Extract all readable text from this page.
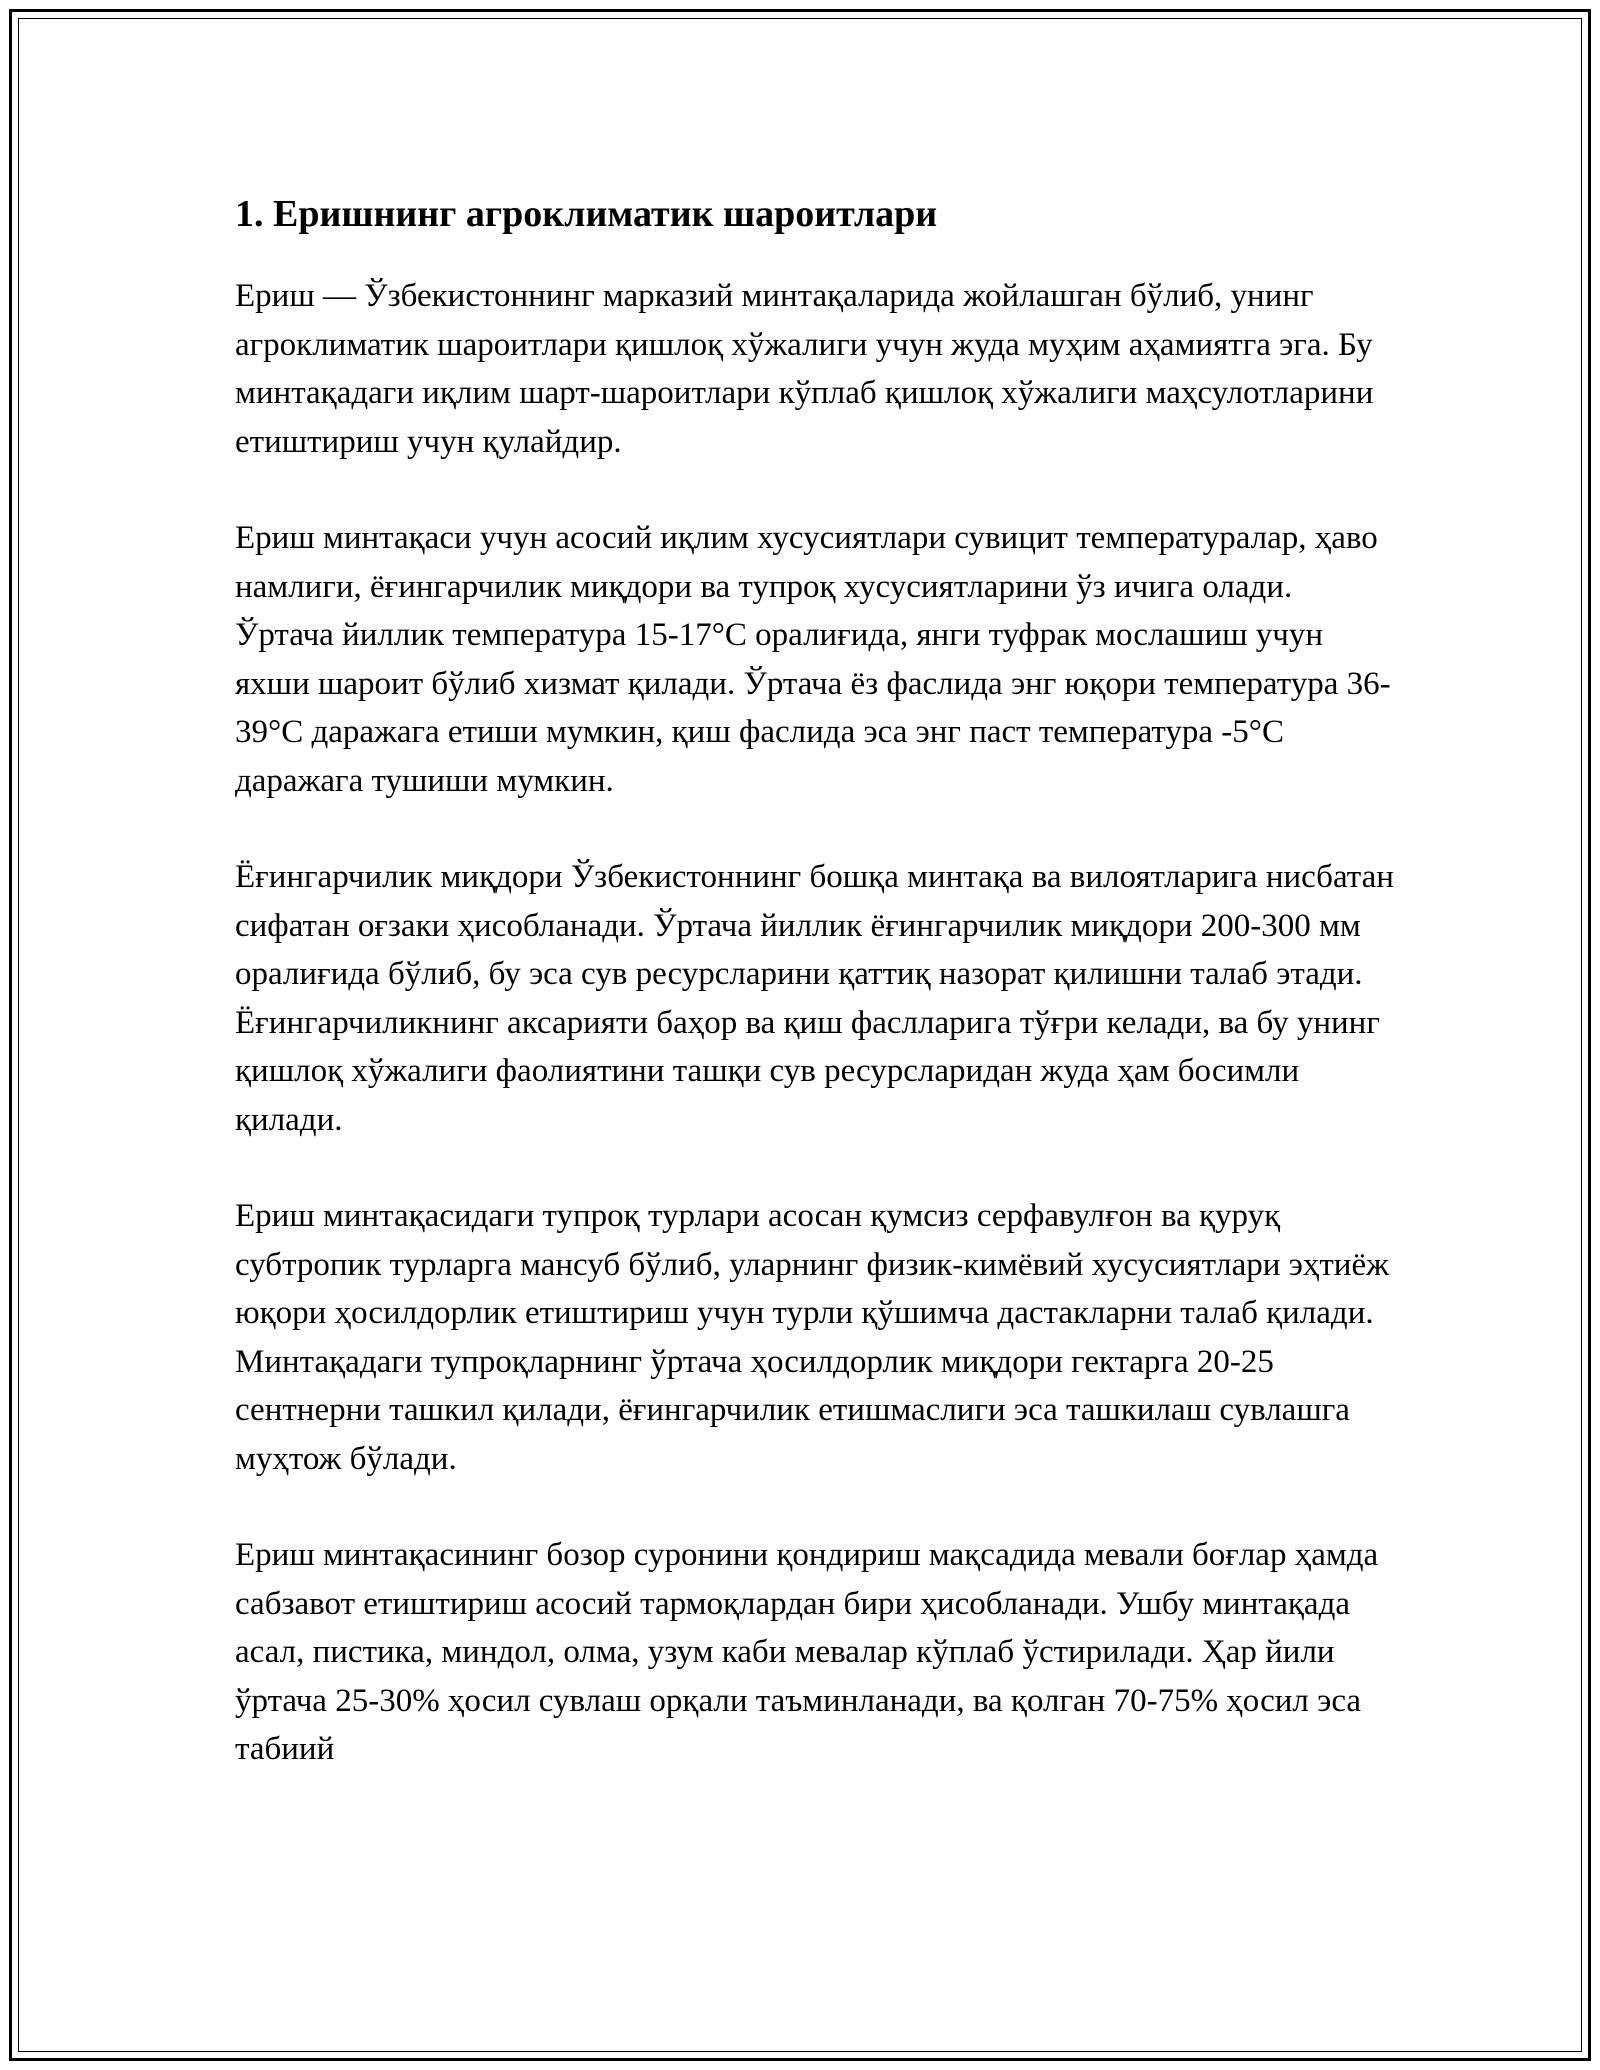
1. Еришнинг агроклиматик шароитлари

Ериш — Ўзбекистоннинг марказий минтақаларида жойлашган бўлиб, унинг агроклиматик шароитлари қишлоқ хўжалиги учун жуда муҳим аҳамиятга эга. Бу минтақадаги иқлим шарт-шароитлари кўплаб қишлоқ хўжалиги маҳсулотларини етиштириш учун қулайдир.

Ериш минтақаси учун асосий иқлим хусусиятлари сувицит температуралар, ҳаво намлиги, ёғингарчилик миқдори ва тупроқ хусусиятларини ўз ичига олади. Ўртача йиллик температура 15-17°C оралиғида, янги туфрак мослашиш учун яхши шароит бўлиб хизмат қилади. Ўртача ёз фаслида энг юқори температура 36-39°C даражага етиши мумкин, қиш фаслида эса энг паст температура -5°C даражага тушиши мумкин.

Ёғингарчилик миқдори Ўзбекистоннинг бошқа минтақа ва вилоятларига нисбатан сифатан оғзаки ҳисобланади. Ўртача йиллик ёғингарчилик миқдори 200-300 мм оралиғида бўлиб, бу эса сув ресурсларини қаттиқ назорат қилишни талаб этади. Ёғингарчиликнинг аксарияти баҳор ва қиш фаслларига тўғри келади, ва бу унинг қишлоқ хўжалиги фаолиятини ташқи сув ресурсларидан жуда ҳам босимли қилади.

Ериш минтақасидаги тупроқ турлари асосан қумсиз серфавулғон ва қуруқ субтропик турларга мансуб бўлиб, уларнинг физик-кимёвий хусусиятлари эҳтиёж юқори ҳосилдорлик етиштириш учун турли қўшимча дастакларни талаб қилади. Минтақадаги тупроқларнинг ўртача ҳосилдорлик миқдори гектарга 20-25 сентнерни ташкил қилади, ёғингарчилик етишмаслиги эса ташкилаш сувлашга муҳтож бўлади.

Ериш минтақасининг бозор суронини қондириш мақсадида мевали боғлар ҳамда сабзавот етиштириш асосий тармоқлардан бири ҳисобланади. Ушбу минтақада асал, пистика, миндол, олма, узум каби мевалар кўплаб ўстирилади. Ҳар йили ўртача 25-30% ҳосил сувлаш орқали таъминланади, ва қолган 70-75% ҳосил эса табиий
